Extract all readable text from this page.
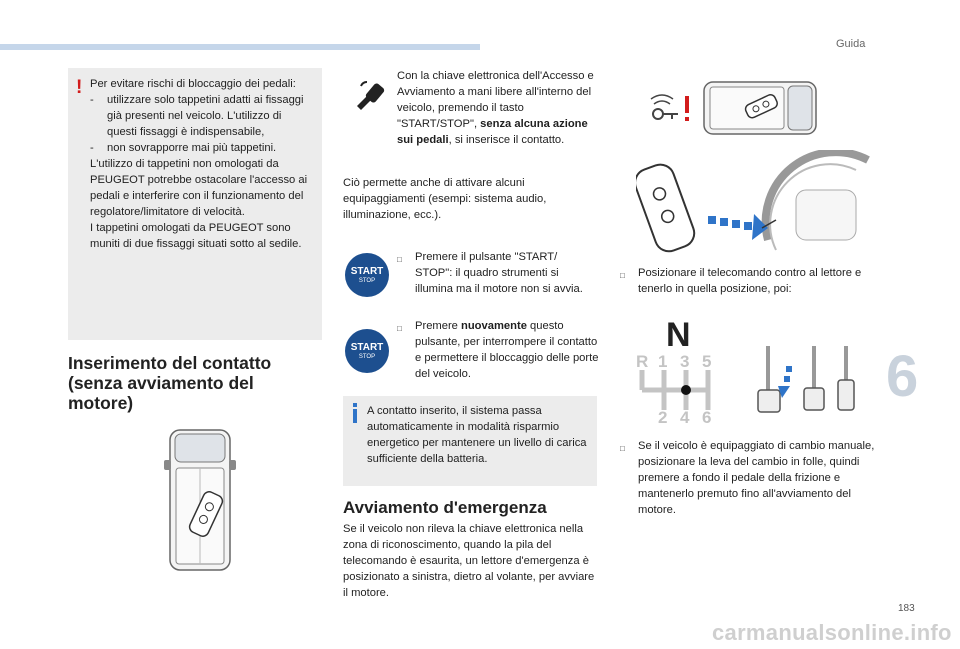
Guida
6
183
carmanualsonline.info
! Per evitare rischi di bloccaggio dei pedali:
-	utilizzare solo tappetini adatti ai fissaggi già presenti nel veicolo. L'utilizzo di questi fissaggi è indispensabile,
-	non sovrapporre mai più tappetini.
L'utilizzo di tappetini non omologati da PEUGEOT potrebbe ostacolare l'accesso ai pedali e interferire con il funzionamento del regolatore/limitatore di velocità.
I tappetini omologati da PEUGEOT sono muniti di due fissaggi situati sotto al sedile.
Inserimento del contatto (senza avviamento del motore)
Con la chiave elettronica dell'Accesso e Avviamento a mani libere all'interno del veicolo, premendo il tasto "START/STOP", senza alcuna azione sui pedali, si inserisce il contatto.
Ciò permette anche di attivare alcuni equipaggiamenti (esempi: sistema audio, illuminazione, ecc.).
START
STOP
□	Premere il pulsante "START/ STOP": il quadro strumenti si illumina ma il motore non si avvia.
START
STOP
□	Premere nuovamente questo pulsante, per interrompere il contatto e permettere il bloccaggio delle porte del veicolo.
A contatto inserito, il sistema passa automaticamente in modalità risparmio energetico per mantenere un livello di carica sufficiente della batteria.
Avviamento d'emergenza
Se il veicolo non rileva la chiave elettronica nella zona di riconoscimento, quando la pila del telecomando è esaurita, un lettore d'emergenza è posizionato a sinistra, dietro al volante, per avviare il motore.
□	Posizionare il telecomando contro al lettore e tenerlo in quella posizione, poi:
N
R 1 3 5
2 4 6
□	Se il veicolo è equipaggiato di cambio manuale, posizionare la leva del cambio in folle, quindi premere a fondo il pedale della frizione e mantenerlo premuto fino all'avviamento del motore.
